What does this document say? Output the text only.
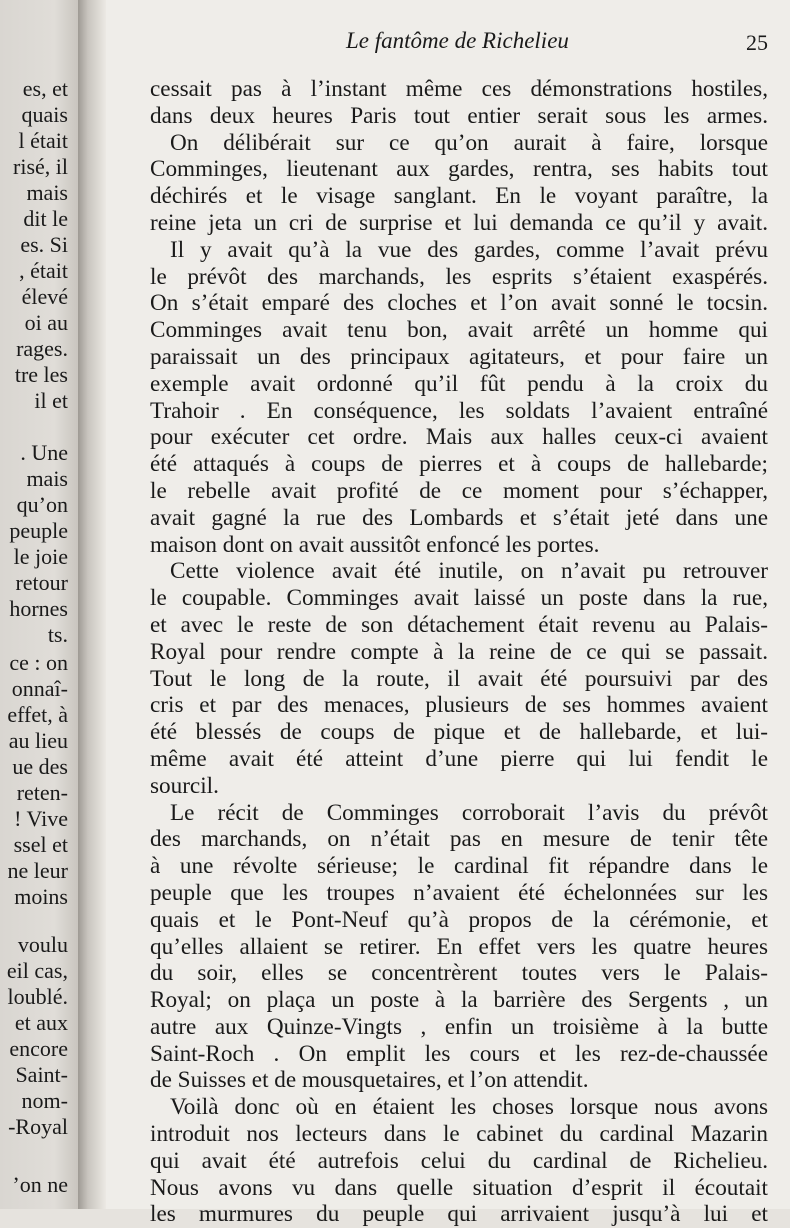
es, et
quais
l était
risé, il
mais
dit le
es. Si
, était
élevé
oi au
rages.
tre les
il et
. Une
mais
qu’on
peuple
le joie
retour
hornes
ts.
ce : on
onnaî-
effet, à
au lieu
ue des
reten-
! Vive
ssel et
ne leur
moins
voulu
eil cas,
loublé.
et aux
encore
Saint-
nom-
-Royal
’on ne
Le fantôme de Richelieu	25
cessait pas à l’instant même ces démonstrations hostiles,
dans deux heures Paris tout entier serait sous les armes.
On délibérait sur ce qu’on aurait à faire, lorsque
Comminges, lieutenant aux gardes, rentra, ses habits tout
déchirés et le visage sanglant. En le voyant paraître, la
reine jeta un cri de surprise et lui demanda ce qu’il y avait.
Il y avait qu’à la vue des gardes, comme l’avait prévu
le prévôt des marchands, les esprits s’étaient exaspérés.
On s’était emparé des cloches et l’on avait sonné le tocsin.
Comminges avait tenu bon, avait arrêté un homme qui
paraissait un des principaux agitateurs, et pour faire un
exemple avait ordonné qu’il fût pendu à la croix du
Trahoir . En conséquence, les soldats l’avaient entraîné
pour exécuter cet ordre. Mais aux halles ceux-ci avaient
été attaqués à coups de pierres et à coups de hallebarde;
le rebelle avait profité de ce moment pour s’échapper,
avait gagné la rue des Lombards et s’était jeté dans une
maison dont on avait aussitôt enfoncé les portes.
Cette violence avait été inutile, on n’avait pu retrouver
le coupable. Comminges avait laissé un poste dans la rue,
et avec le reste de son détachement était revenu au Palais-
Royal pour rendre compte à la reine de ce qui se passait.
Tout le long de la route, il avait été poursuivi par des
cris et par des menaces, plusieurs de ses hommes avaient
été blessés de coups de pique et de hallebarde, et lui-
même avait été atteint d’une pierre qui lui fendit le
sourcil.
Le récit de Comminges corroborait l’avis du prévôt
des marchands, on n’était pas en mesure de tenir tête
à une révolte sérieuse; le cardinal fit répandre dans le
peuple que les troupes n’avaient été échelonnées sur les
quais et le Pont-Neuf qu’à propos de la cérémonie, et
qu’elles allaient se retirer. En effet vers les quatre heures
du soir, elles se concentrèrent toutes vers le Palais-
Royal; on plaça un poste à la barrière des Sergents , un
autre aux Quinze-Vingts , enfin un troisième à la butte
Saint-Roch . On emplit les cours et les rez-de-chaussée
de Suisses et de mousquetaires, et l’on attendit.
Voilà donc où en étaient les choses lorsque nous avons
introduit nos lecteurs dans le cabinet du cardinal Mazarin
qui avait été autrefois celui du cardinal de Richelieu.
Nous avons vu dans quelle situation d’esprit il écoutait
les murmures du peuple qui arrivaient jusqu’à lui et
